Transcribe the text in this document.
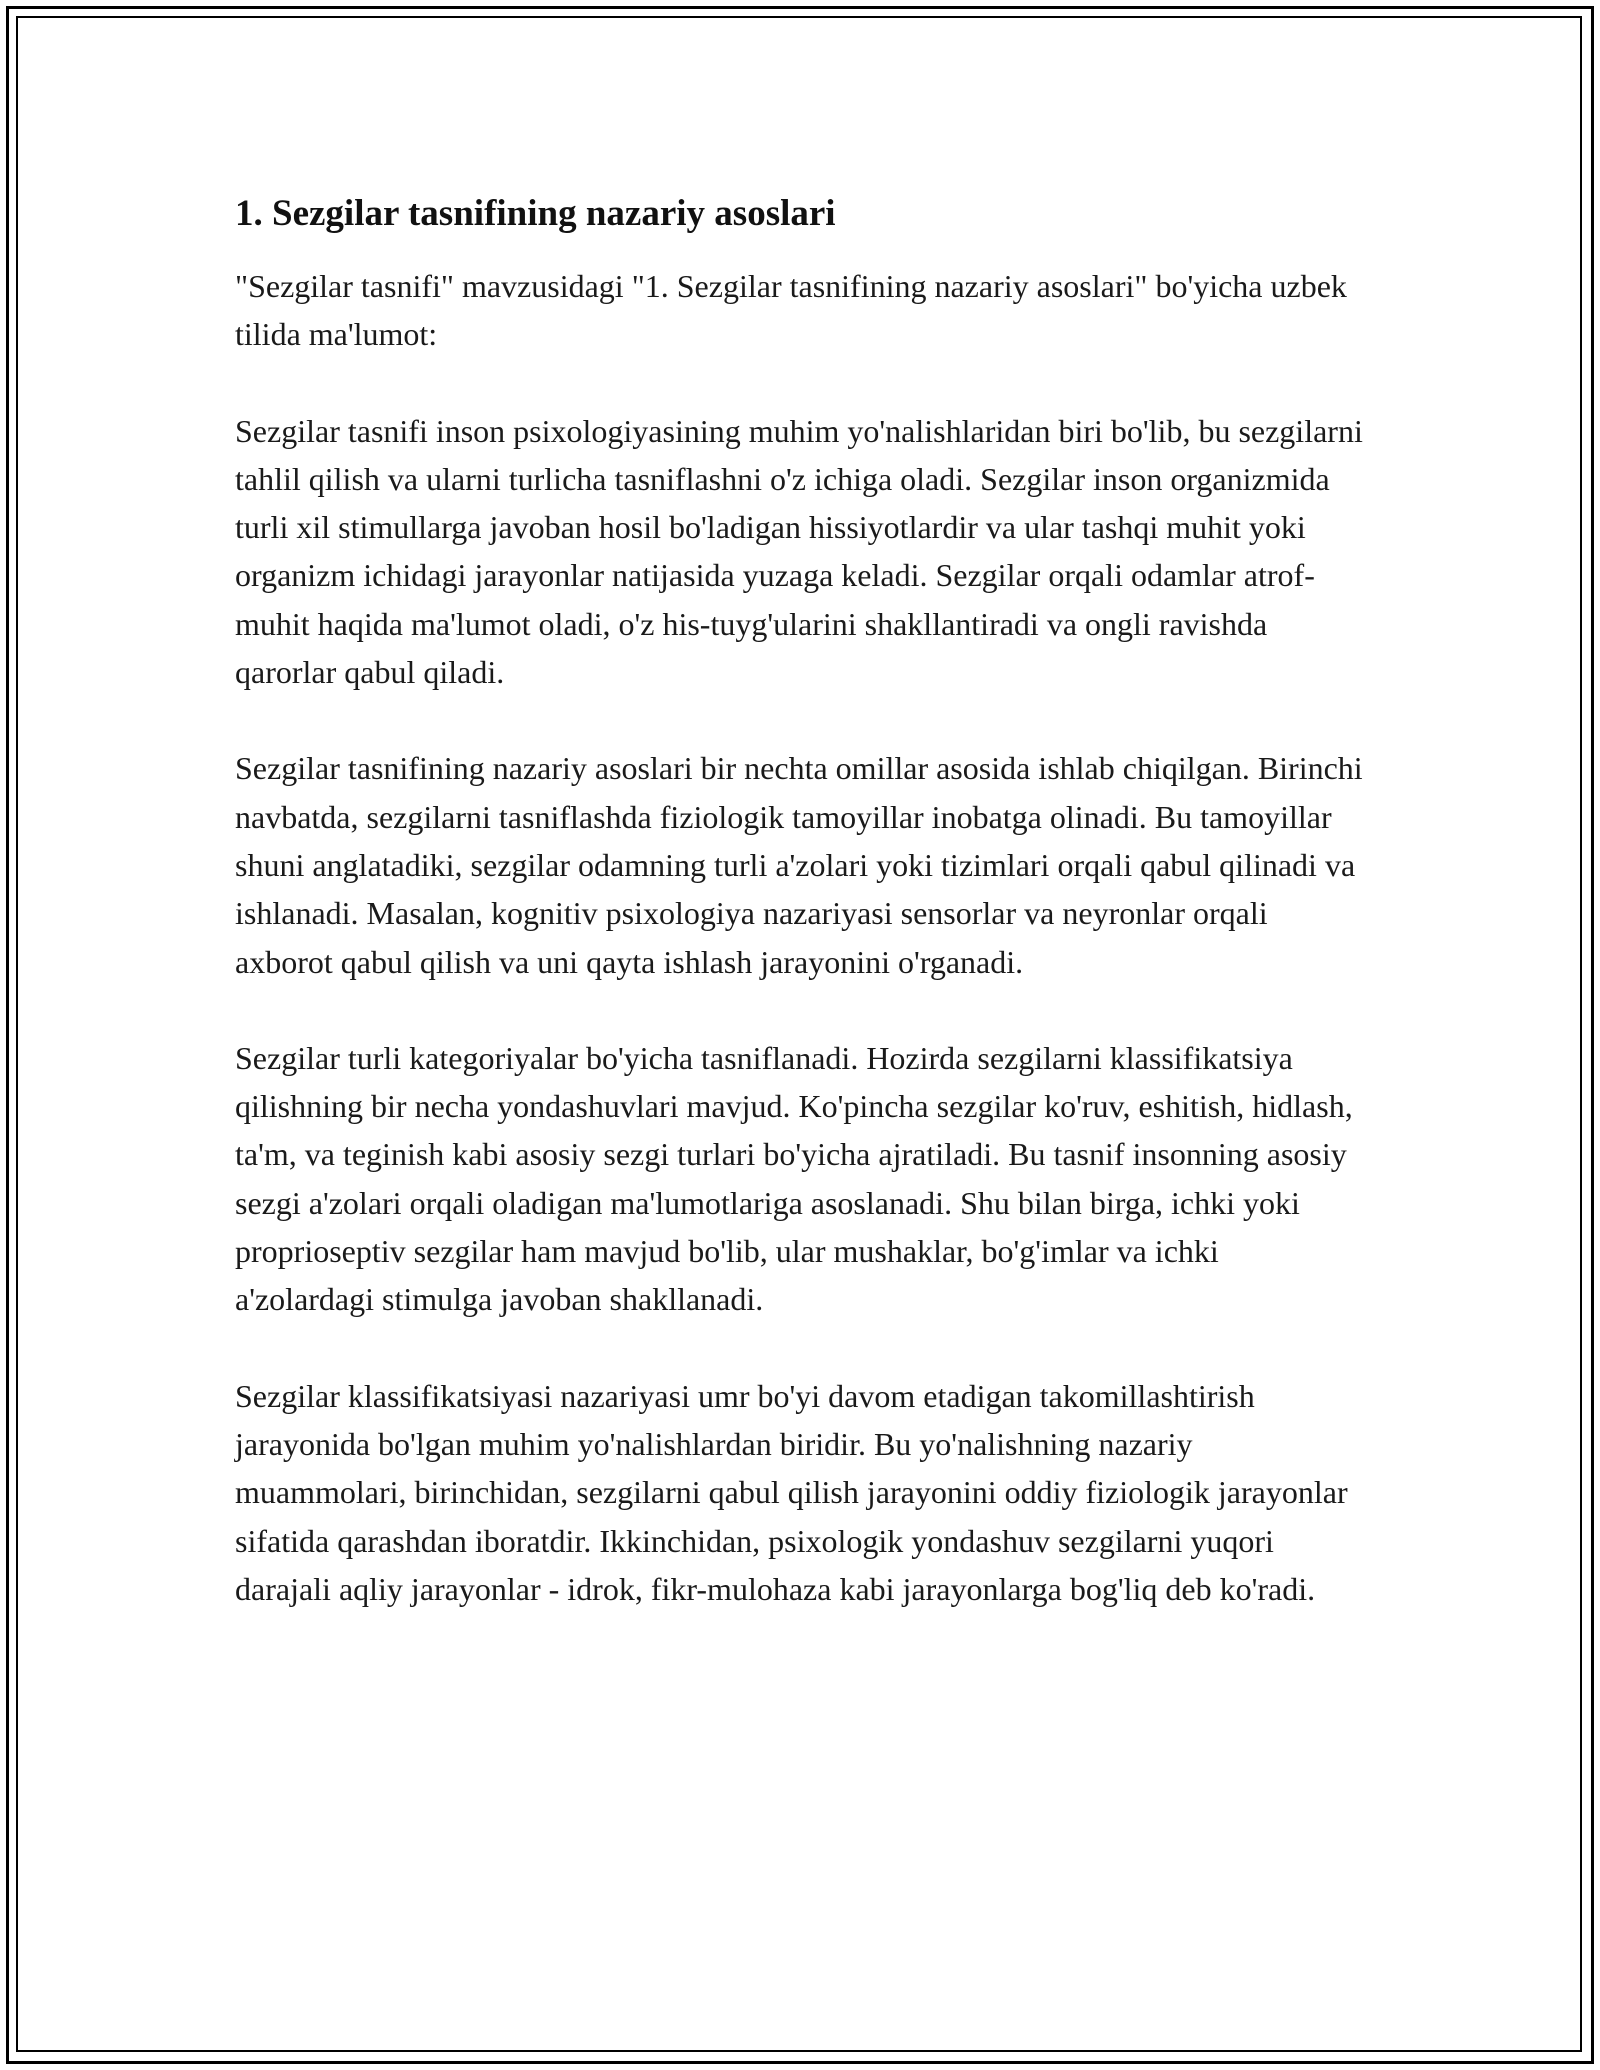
1. Sezgilar tasnifining nazariy asoslari

"Sezgilar tasnifi" mavzusidagi "1. Sezgilar tasnifining nazariy asoslari" bo'yicha uzbek tilida ma'lumot:

Sezgilar tasnifi inson psixologiyasining muhim yo'nalishlaridan biri bo'lib, bu sezgilarni tahlil qilish va ularni turlicha tasniflashni o'z ichiga oladi. Sezgilar inson organizmida turli xil stimullarga javoban hosil bo'ladigan hissiyotlardir va ular tashqi muhit yoki organizm ichidagi jarayonlar natijasida yuzaga keladi. Sezgilar orqali odamlar atrof-muhit haqida ma'lumot oladi, o'z his-tuyg'ularini shakllantiradi va ongli ravishda qarorlar qabul qiladi.

Sezgilar tasnifining nazariy asoslari bir nechta omillar asosida ishlab chiqilgan. Birinchi navbatda, sezgilarni tasniflashda fiziologik tamoyillar inobatga olinadi. Bu tamoyillar shuni anglatadiki, sezgilar odamning turli a'zolari yoki tizimlari orqali qabul qilinadi va ishlanadi. Masalan, kognitiv psixologiya nazariyasi sensorlar va neyronlar orqali axborot qabul qilish va uni qayta ishlash jarayonini o'rganadi.

Sezgilar turli kategoriyalar bo'yicha tasniflanadi. Hozirda sezgilarni klassifikatsiya qilishning bir necha yondashuvlari mavjud. Ko'pincha sezgilar ko'ruv, eshitish, hidlash, ta'm, va teginish kabi asosiy sezgi turlari bo'yicha ajratiladi. Bu tasnif insonning asosiy sezgi a'zolari orqali oladigan ma'lumotlariga asoslanadi. Shu bilan birga, ichki yoki proprioseptiv sezgilar ham mavjud bo'lib, ular mushaklar, bo'g'imlar va ichki a'zolardagi stimulga javoban shakllanadi.

Sezgilar klassifikatsiyasi nazariyasi umr bo'yi davom etadigan takomillashtirish jarayonida bo'lgan muhim yo'nalishlardan biridir. Bu yo'nalishning nazariy muammolari, birinchidan, sezgilarni qabul qilish jarayonini oddiy fiziologik jarayonlar sifatida qarashdan iboratdir. Ikkinchidan, psixologik yondashuv sezgilarni yuqori darajali aqliy jarayonlar - idrok, fikr-mulohaza kabi jarayonlarga bog'liq deb ko'radi.
